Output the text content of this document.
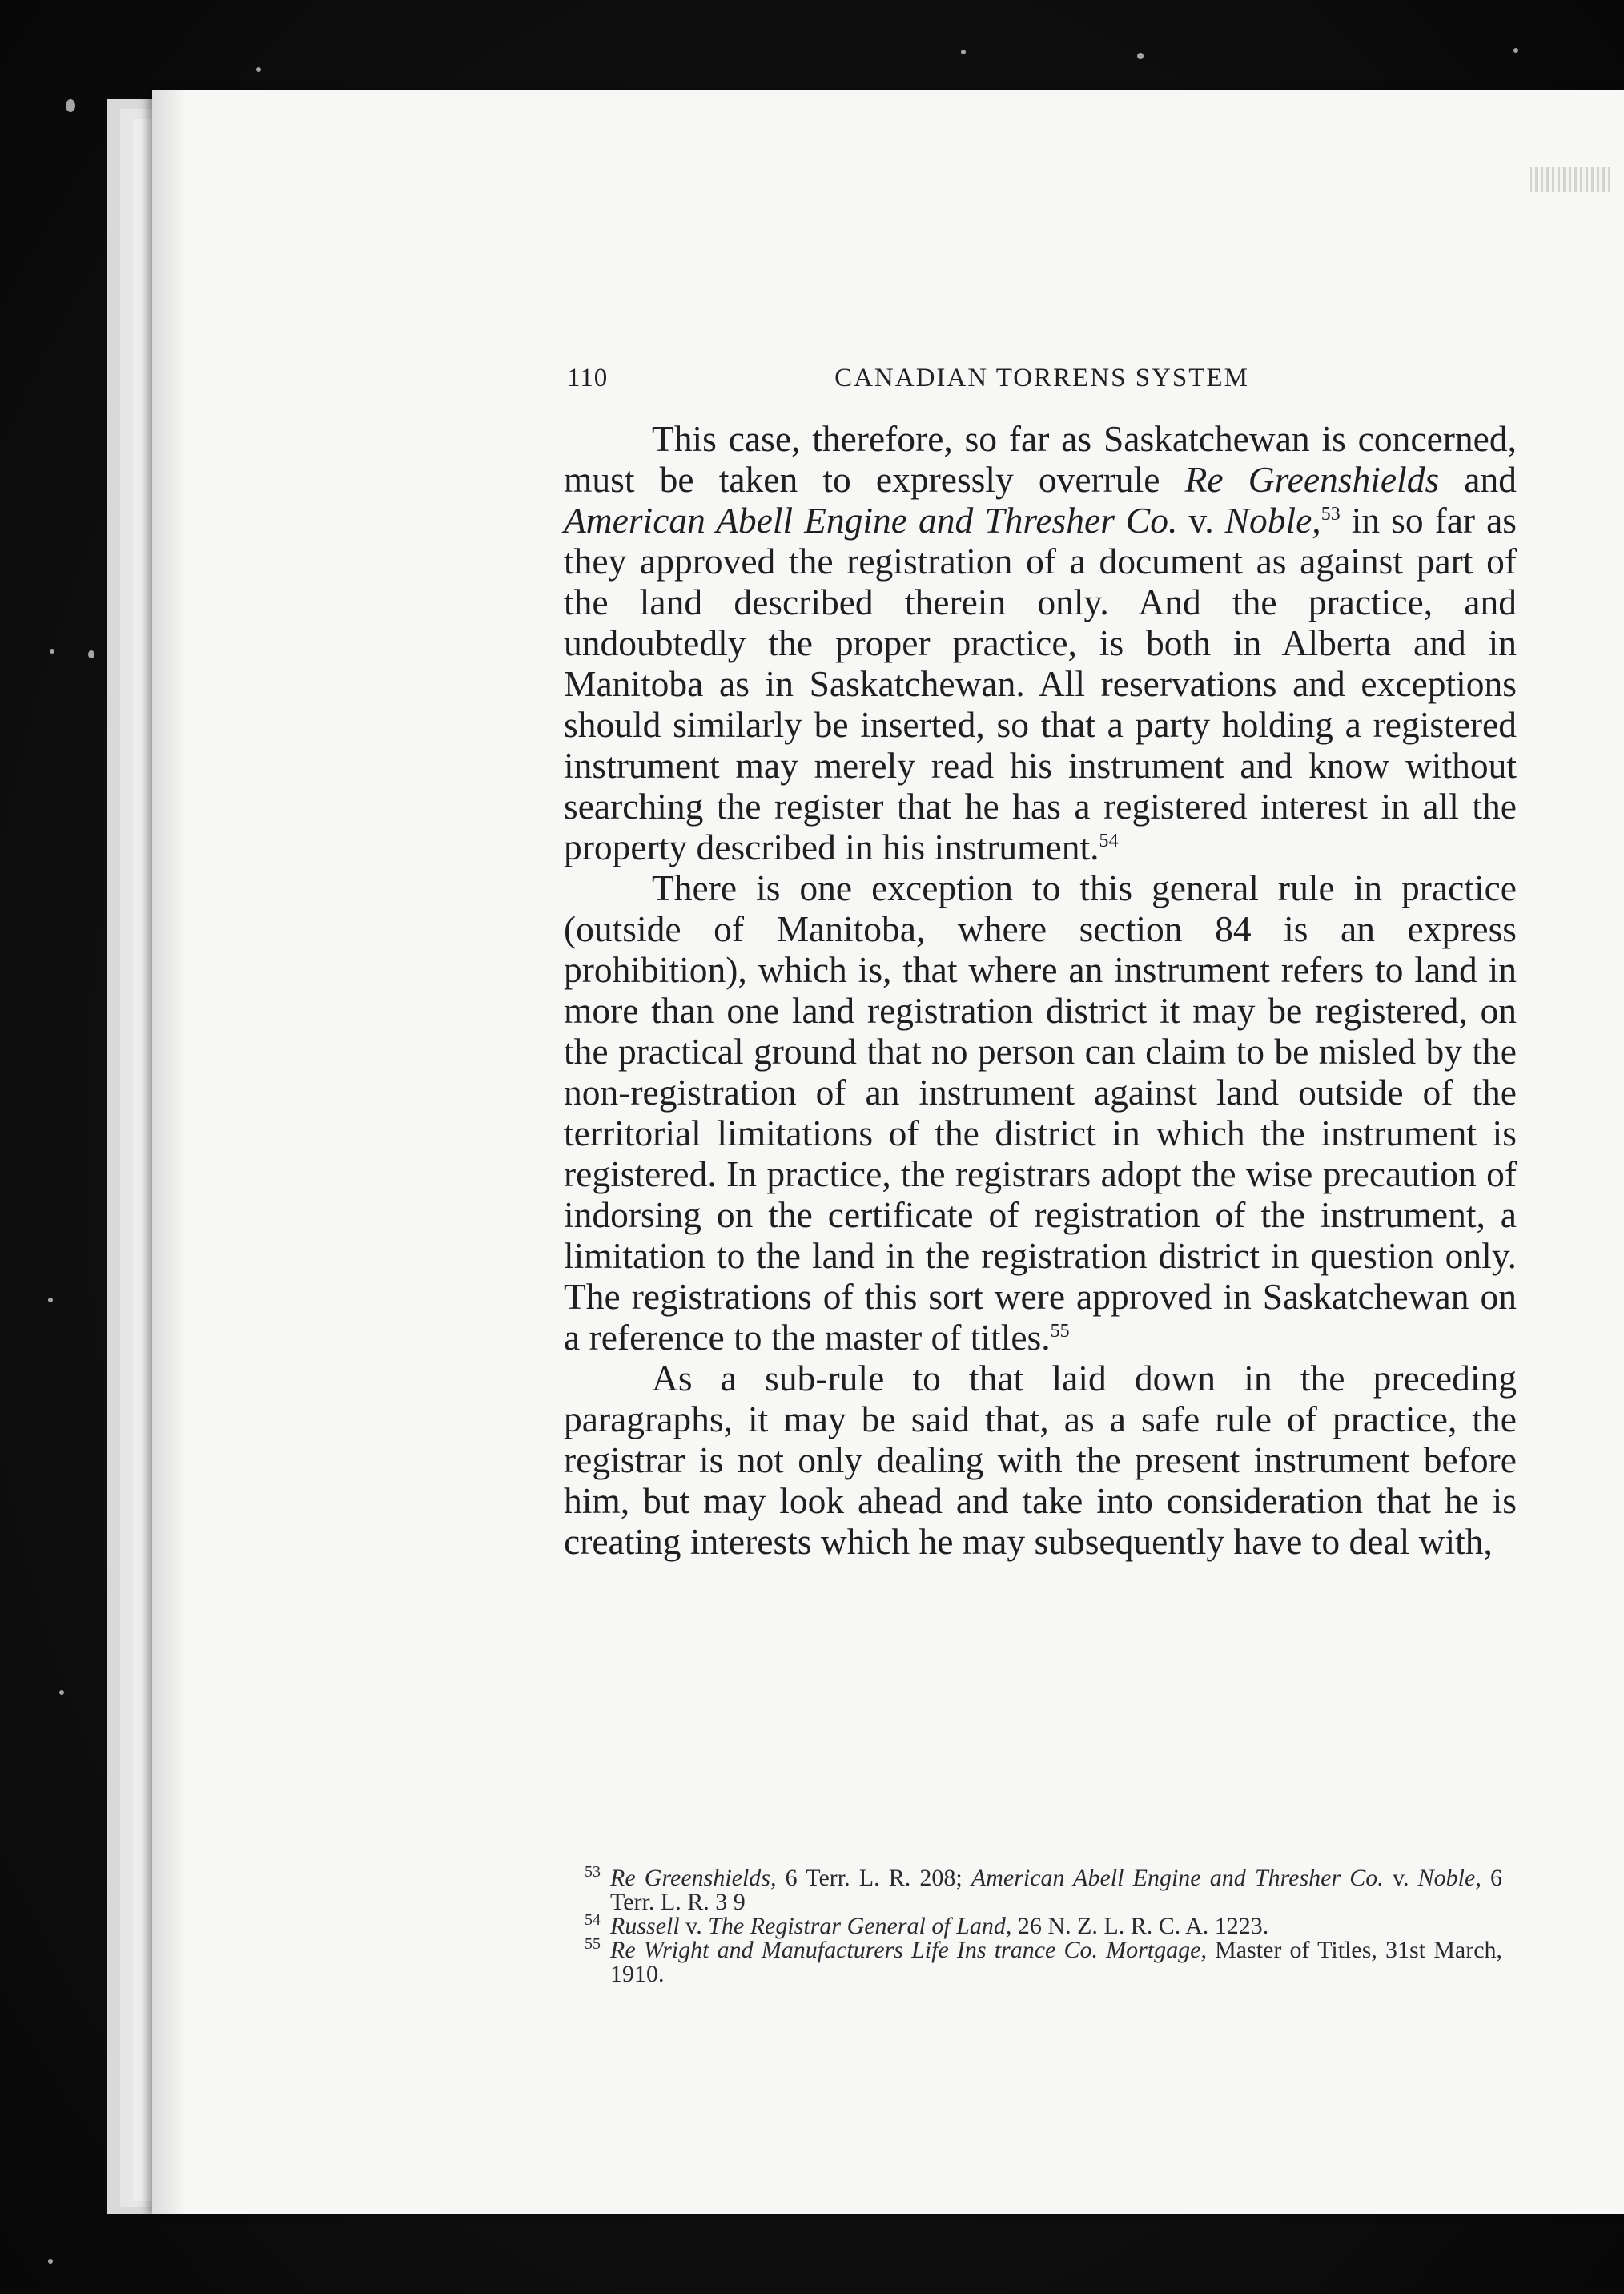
110	CANADIAN TORRENS SYSTEM

This case, therefore, so far as Saskatchewan is concerned, must be taken to expressly overrule Re Greenshields and American Abell Engine and Thresher Co. v. Noble,$^{53}$ in so far as they approved the registration of a document as against part of the land described therein only. And the practice, and undoubtedly the proper practice, is both in Alberta and in Manitoba as in Saskatchewan. All reservations and exceptions should similarly be inserted, so that a party holding a registered instrument may merely read his instrument and know without searching the register that he has a registered interest in all the property described in his instrument.$^{54}$

There is one exception to this general rule in practice (outside of Manitoba, where section 84 is an express prohibition), which is, that where an instrument refers to land in more than one land registration district it may be registered, on the practical ground that no person can claim to be misled by the non-registration of an instrument against land outside of the territorial limitations of the district in which the instrument is registered. In practice, the registrars adopt the wise precaution of indorsing on the certificate of registration of the instrument, a limitation to the land in the registration district in question only. The registrations of this sort were approved in Saskatchewan on a reference to the master of titles.$^{55}$

As a sub-rule to that laid down in the preceding paragraphs, it may be said that, as a safe rule of practice, the registrar is not only dealing with the present instrument before him, but may look ahead and take into consideration that he is creating interests which he may subsequently have to deal with,

53 Re Greenshields, 6 Terr. L. R. 208; American Abell Engine and Thresher Co. v. Noble, 6 Terr. L. R. 3 9

54 Russell v. The Registrar General of Land, 26 N. Z. L. R. C. A. 1223.

55 Re Wright and Manufacturers Life Ins trance Co. Mortgage, Master of Titles, 31st March, 1910.
